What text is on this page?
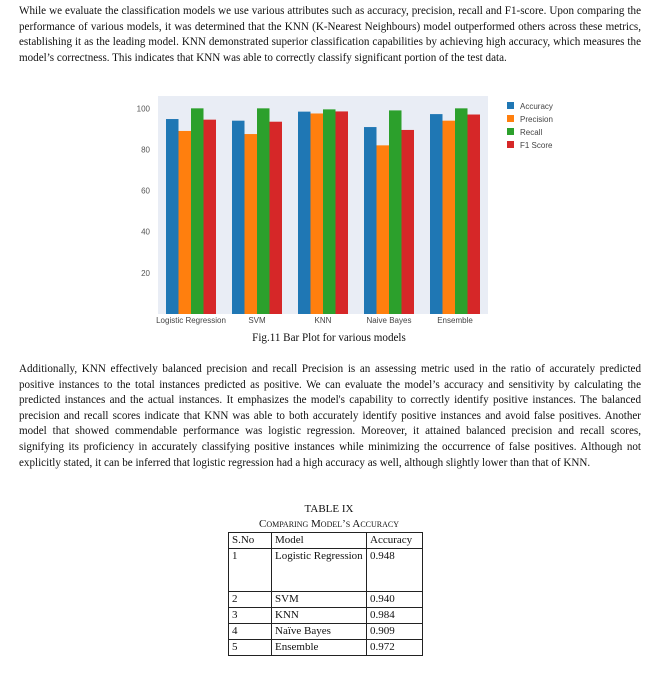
While we evaluate the classification models we use various attributes such as accuracy, precision, recall and F1-score. Upon comparing the performance of various models, it was determined that the KNN (K-Nearest Neighbours) model outperformed others across these metrics, establishing it as the leading model. KNN demonstrated superior classification capabilities by achieving high accuracy, which measures the model’s correctness. This indicates that KNN was able to correctly classify significant portion of the test data.

20
40
60
80
100
Logistic Regression	SVM	KNN	Naive Bayes	Ensemble
Accuracy
Precision
Recall
F1 Score
Fig.11 Bar Plot for various models

Additionally, KNN effectively balanced precision and recall Precision is an assessing metric used in the ratio of accurately predicted positive instances to the total instances predicted as positive. We can evaluate the model’s accuracy and sensitivity by calculating the predicted instances and the actual instances. It emphasizes the model's capability to correctly identify positive instances. The balanced precision and recall scores indicate that KNN was able to both accurately identify positive instances and avoid false positives. Another model that showed commendable performance was logistic regression. Moreover, it attained balanced precision and recall scores, signifying its proficiency in accurately classifying positive instances while minimizing the occurrence of false positives. Although not explicitly stated, it can be inferred that logistic regression had a high accuracy as well, although slightly lower than that of KNN.

TABLE IX
Comparing Model’s Accuracy
S.No	Model	Accuracy
1	Logistic Regression	0.948
2	SVM	0.940
3	KNN	0.984
4	Naïve Bayes	0.909
5	Ensemble	0.972
